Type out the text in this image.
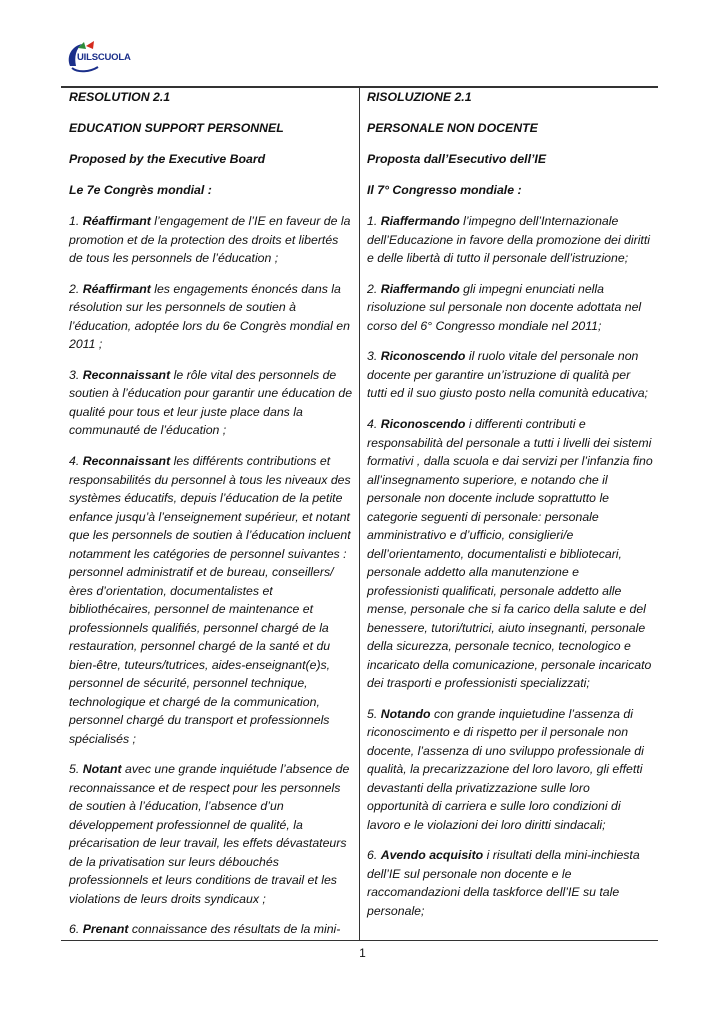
UILSCUOLA

RESOLUTION 2.1

EDUCATION SUPPORT PERSONNEL

Proposed by the Executive Board

Le 7e Congrès mondial :

1. Réaffirmant l’engagement de l’IE en faveur de la promotion et de la protection des droits et libertés de tous les personnels de l’éducation ;

2. Réaffirmant les engagements énoncés dans la résolution sur les personnels de soutien à l’éducation, adoptée lors du 6e Congrès mondial en 2011 ;

3. Reconnaissant le rôle vital des personnels de soutien à l’éducation pour garantir une éducation de qualité pour tous et leur juste place dans la communauté de l’éducation ;

4. Reconnaissant les différents contributions et responsabilités du personnel à tous les niveaux des systèmes éducatifs, depuis l’éducation de la petite enfance jusqu’à l’enseignement supérieur, et notant que les personnels de soutien à l’éducation incluent notamment les catégories de personnel suivantes : personnel administratif et de bureau, conseillers/ères d’orientation, documentalistes et bibliothécaires, personnel de maintenance et professionnels qualifiés, personnel chargé de la restauration, personnel chargé de la santé et du bien-être, tuteurs/tutrices, aides-enseignant(e)s, personnel de sécurité, personnel technique, technologique et chargé de la communication, personnel chargé du transport et professionnels spécialisés ;

5. Notant avec une grande inquiétude l’absence de reconnaissance et de respect pour les personnels de soutien à l’éducation, l’absence d’un développement professionnel de qualité, la précarisation de leur travail, les effets dévastateurs de la privatisation sur leurs débouchés professionnels et leurs conditions de travail et les violations de leurs droits syndicaux ;

6. Prenant connaissance des résultats de la mini-

RISOLUZIONE 2.1

PERSONALE NON DOCENTE

Proposta dall’Esecutivo dell’IE

Il 7° Congresso mondiale :

1. Riaffermando l’impegno dell’Internazionale dell’Educazione in favore della promozione dei diritti e delle libertà di tutto il personale dell’istruzione;

2. Riaffermando gli impegni enunciati nella risoluzione sul personale non docente adottata nel corso del 6° Congresso mondiale nel 2011;

3. Riconoscendo il ruolo vitale del personale non docente per garantire un’istruzione di qualità per tutti ed il suo giusto posto nella comunità educativa;

4. Riconoscendo i differenti contributi e responsabilità del personale a tutti i livelli dei sistemi formativi , dalla scuola e dai servizi per l’infanzia fino all’insegnamento superiore, e notando che il personale non docente include soprattutto le categorie seguenti di personale: personale amministrativo e d’ufficio, consiglieri/e dell’orientamento, documentalisti e bibliotecari, personale addetto alla manutenzione e professionisti qualificati, personale addetto alle mense, personale che si fa carico della salute e del benessere, tutori/tutrici, aiuto insegnanti, personale della sicurezza, personale tecnico, tecnologico e incaricato della comunicazione, personale incaricato dei trasporti e professionisti specializzati;

5. Notando con grande inquietudine l’assenza di riconoscimento e di rispetto per il personale non docente, l’assenza di uno sviluppo professionale di qualità, la precarizzazione del loro lavoro, gli effetti devastanti della privatizzazione sulle loro opportunità di carriera e sulle loro condizioni di lavoro e le violazioni dei loro diritti sindacali;

6. Avendo acquisito i risultati della mini-inchiesta dell’IE sul personale non docente e le raccomandazioni della taskforce dell’IE su tale personale;

1
